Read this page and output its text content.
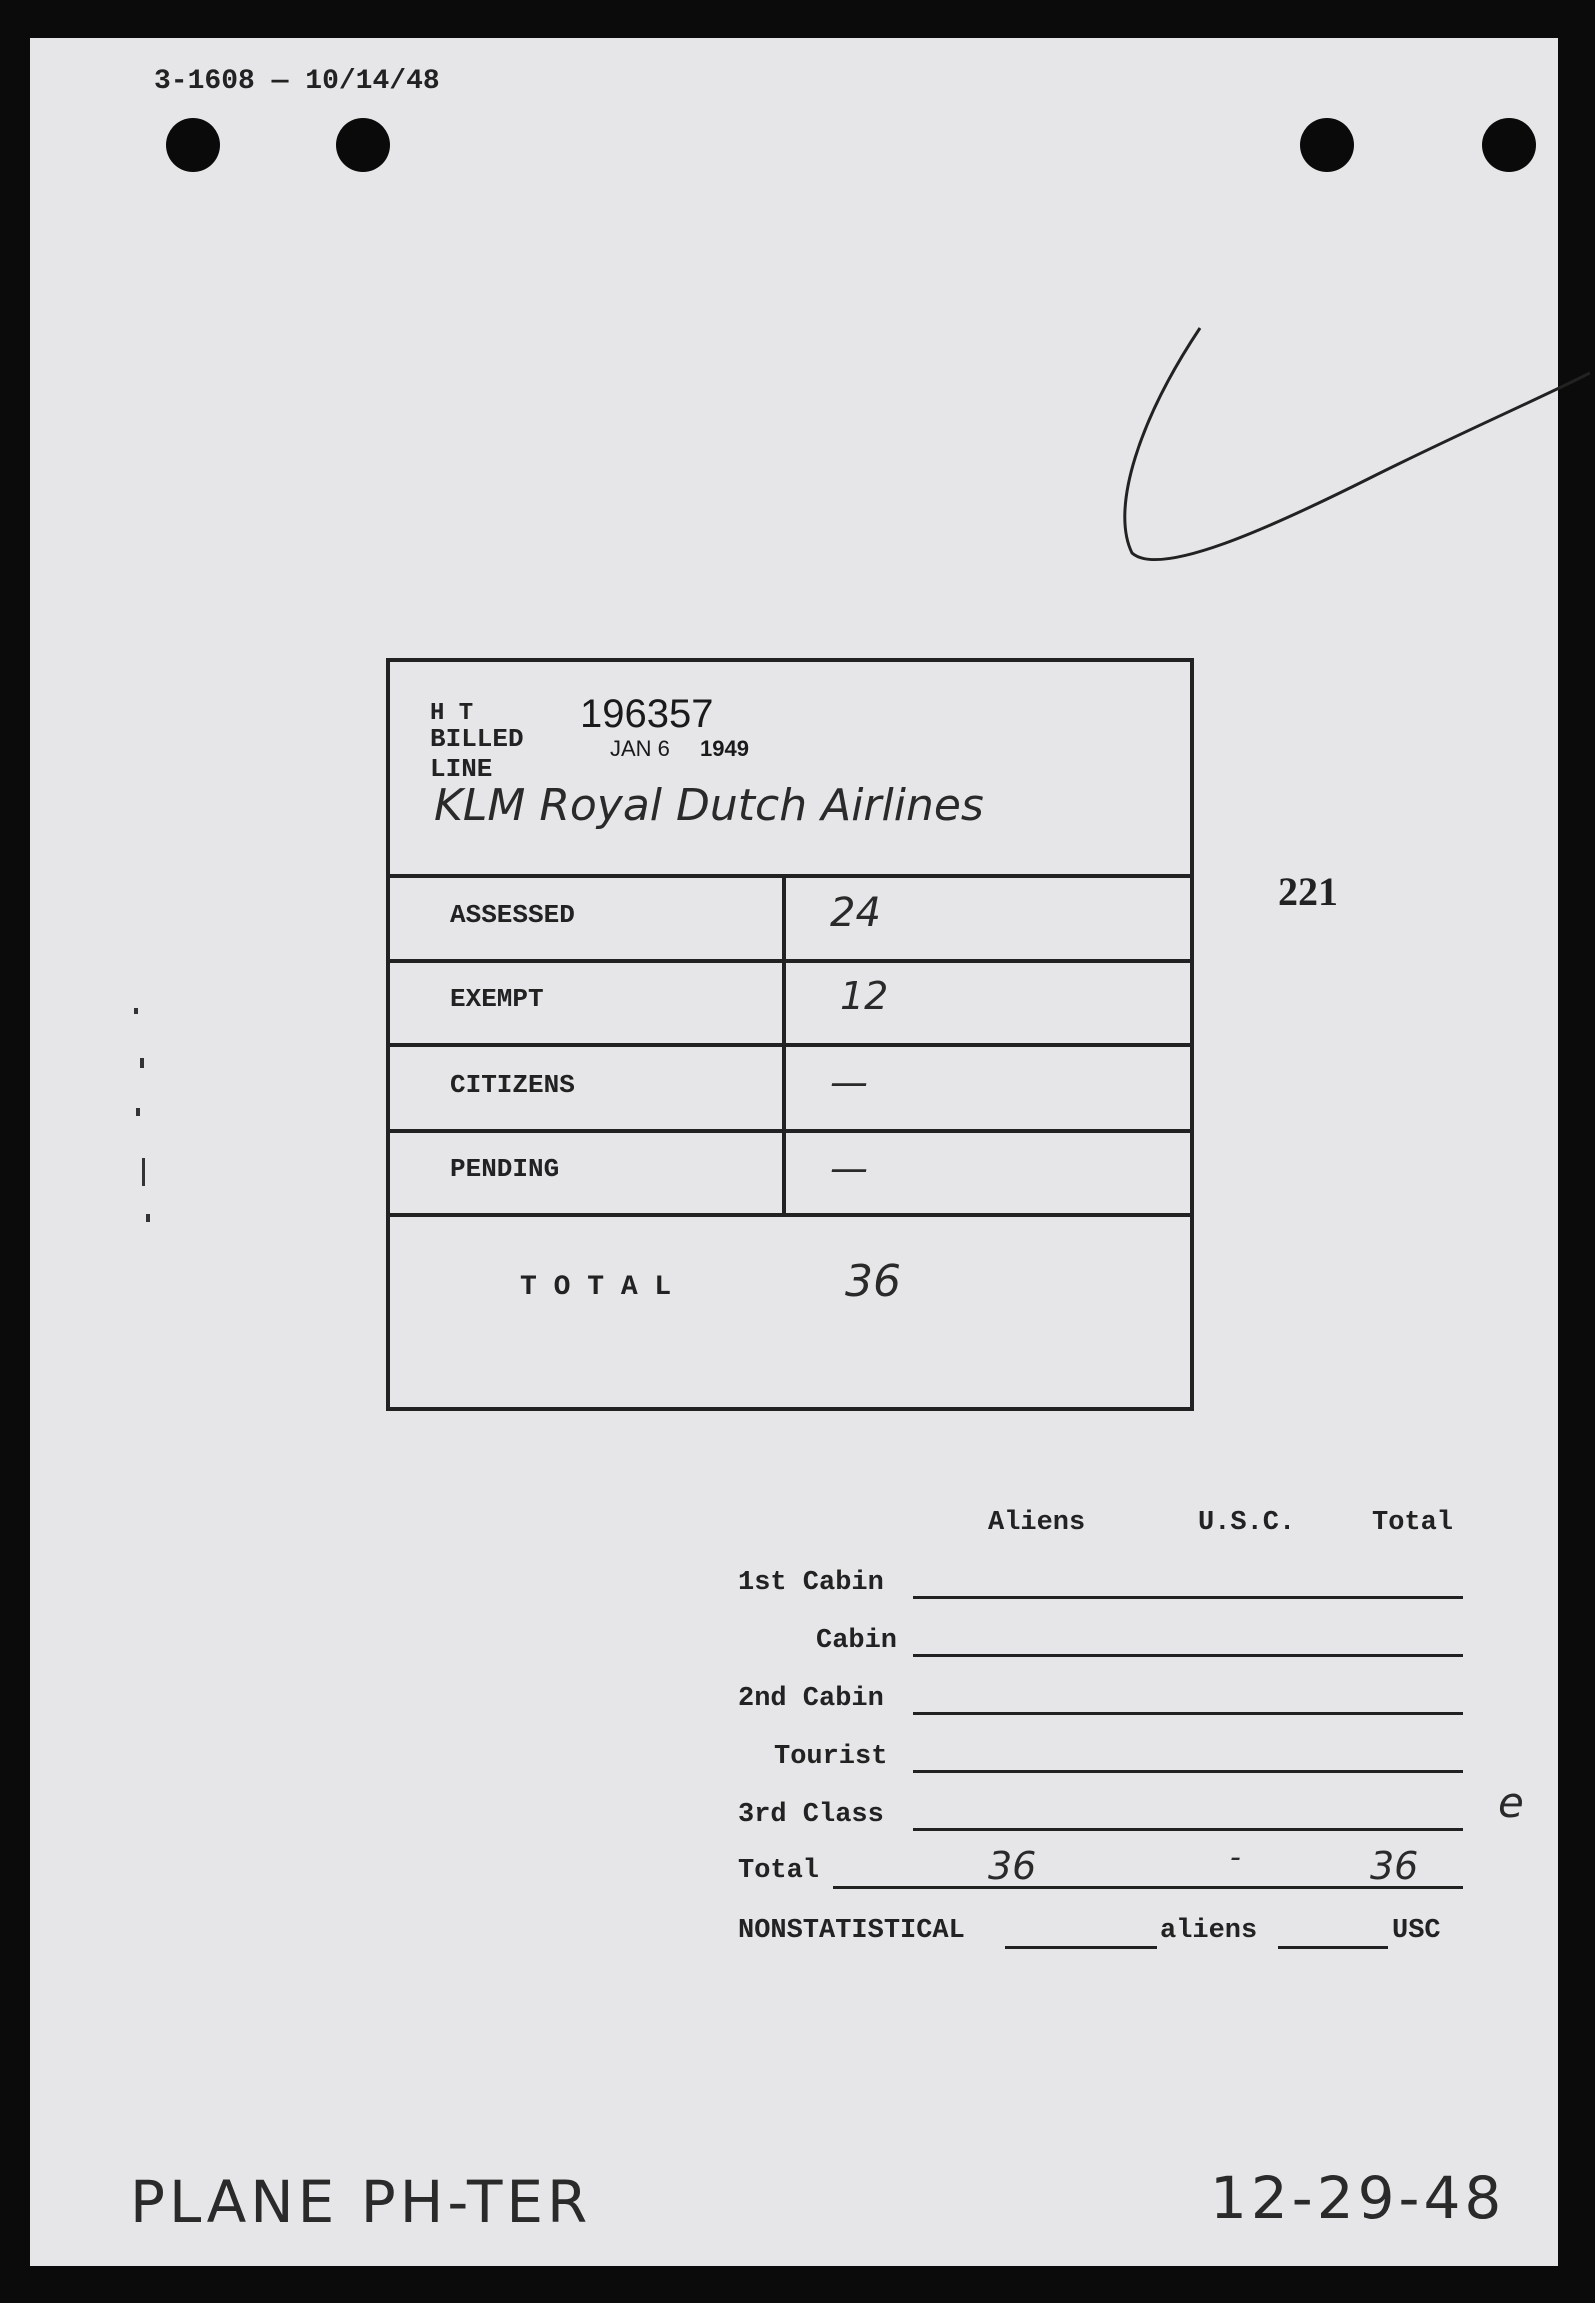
3-1608 — 10/14/48
221
H T
BILLED
LINE
196357
JAN 6 1949
KLM Royal Dutch Airlines
ASSESSED	24
EXEMPT	12
CITIZENS	—
PENDING	—
T O T A L	36
Aliens	U.S.C.	Total
1st Cabin
Cabin
2nd Cabin
Tourist
3rd Class
Total	36	-	36
NONSTATISTICAL	aliens	USC
e
PLANE PH-TER	12-29-48
